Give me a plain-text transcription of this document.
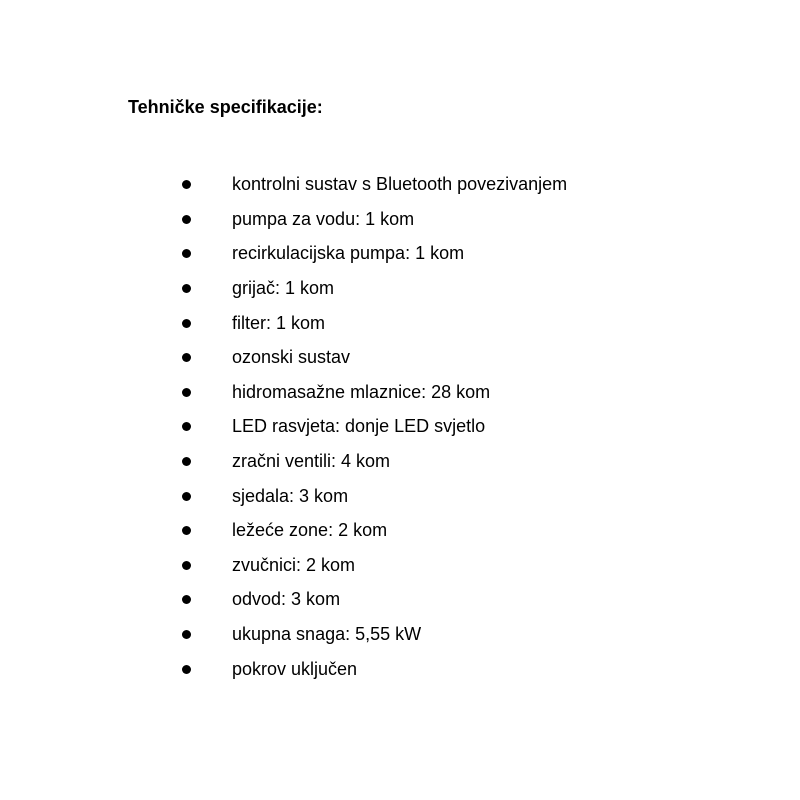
Tehničke specifikacije:
kontrolni sustav s Bluetooth povezivanjem
pumpa za vodu: 1 kom
recirkulacijska pumpa: 1 kom
grijač: 1 kom
filter: 1 kom
ozonski sustav
hidromasažne mlaznice: 28 kom
LED rasvjeta: donje LED svjetlo
zračni ventili: 4 kom
sjedala: 3 kom
ležeće zone: 2 kom
zvučnici: 2 kom
odvod: 3 kom
ukupna snaga: 5,55 kW
pokrov uključen
